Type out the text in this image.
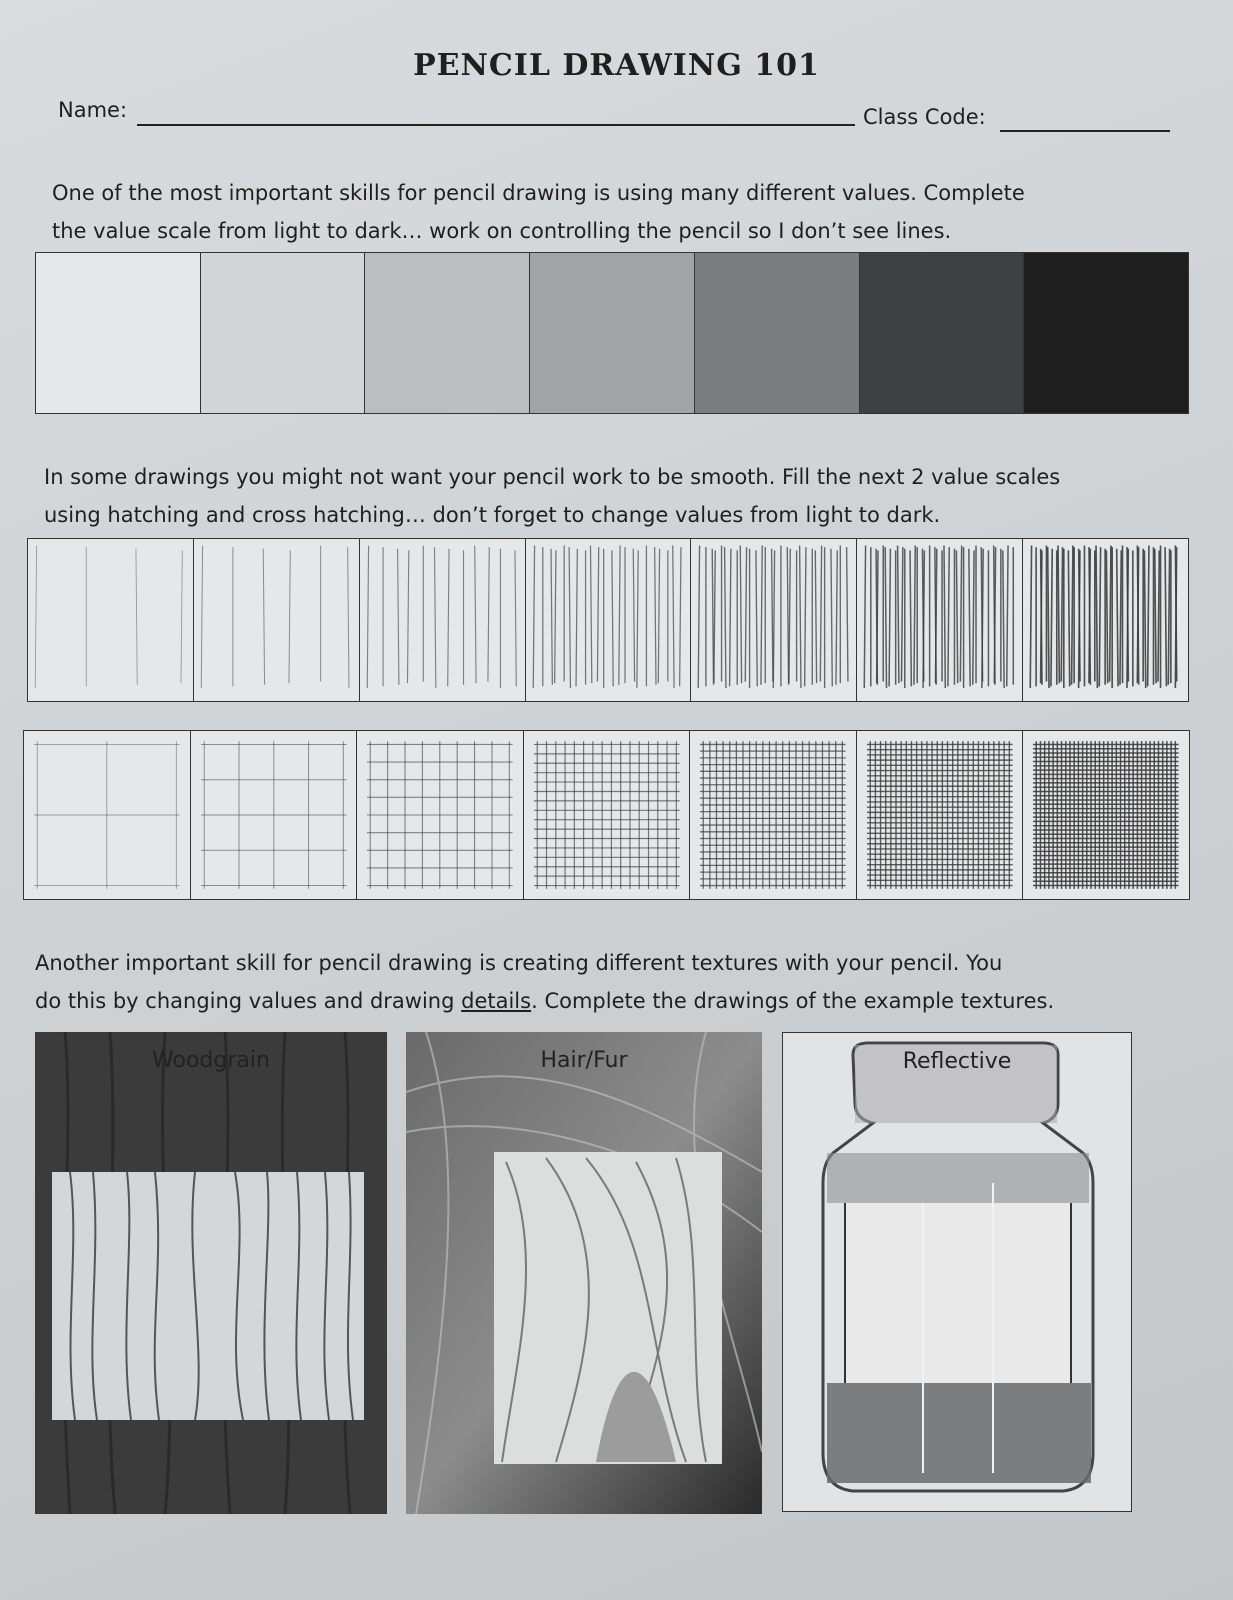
PENCIL DRAWING 101
Name:	Class Code:
One of the most important skills for pencil drawing is using many different values. Complete
the value scale from light to dark… work on controlling the pencil so I don’t see lines.
In some drawings you might not want your pencil work to be smooth. Fill the next 2 value scales
using hatching and cross hatching… don’t forget to change values from light to dark.
Another important skill for pencil drawing is creating different textures with your pencil. You
do this by changing values and drawing details. Complete the drawings of the example textures.
Woodgrain	Hair/Fur	Reflective
